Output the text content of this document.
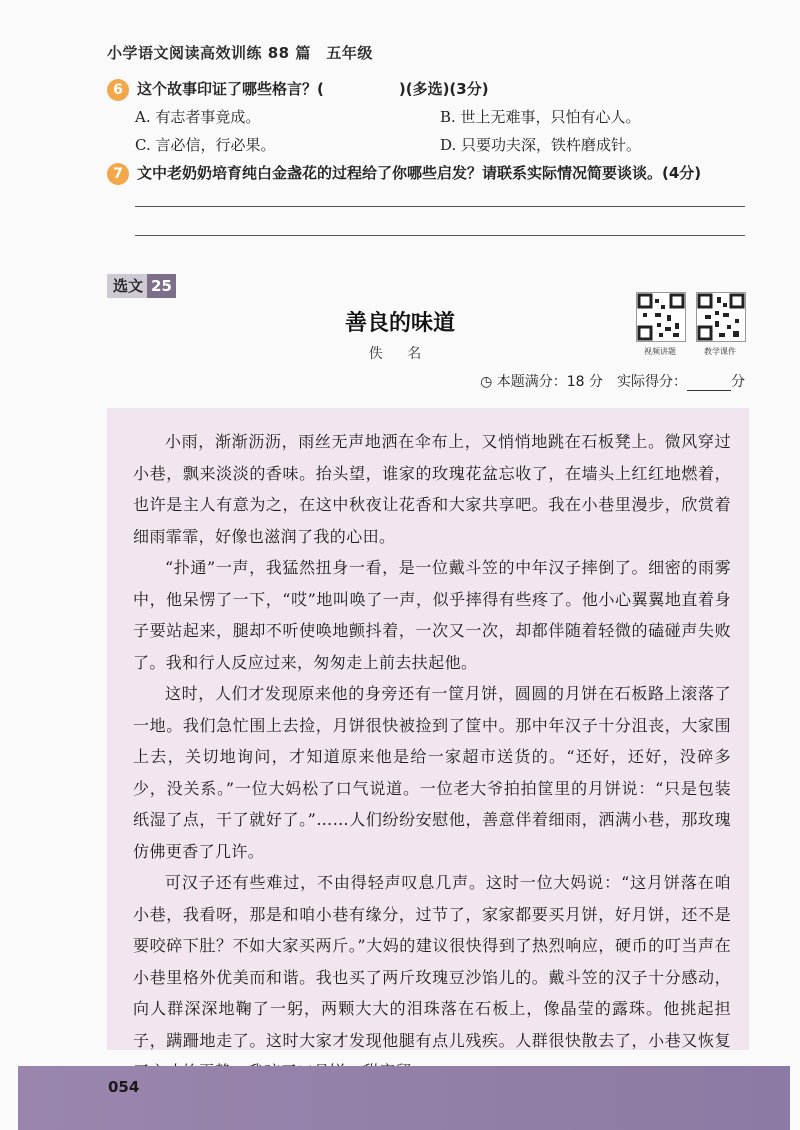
小学语文阅读高效训练 88 篇　五年级
6 这个故事印证了哪些格言？(　　　　　)(多选)(3分)
A. 有志者事竟成。	B. 世上无难事，只怕有心人。
C. 言必信，行必果。	D. 只要功夫深，铁杵磨成针。
7 文中老奶奶培育纯白金盏花的过程给了你哪些启发？请联系实际情况简要谈谈。(4分)
选文 25
视频讲题	教学课件
善良的味道
佚 名
◷ 本题满分：18 分　实际得分：	分

小雨，渐渐沥沥，雨丝无声地洒在伞布上，又悄悄地跳在石板凳上。微风穿过小巷，飘来淡淡的香味。抬头望，谁家的玫瑰花盆忘收了，在墙头上红红地燃着，也许是主人有意为之，在这中秋夜让花香和大家共享吧。我在小巷里漫步，欣赏着细雨霏霏，好像也滋润了我的心田。

“扑通”一声，我猛然扭身一看，是一位戴斗笠的中年汉子摔倒了。细密的雨雾中，他呆愣了一下，“哎”地叫唤了一声，似乎摔得有些疼了。他小心翼翼地直着身子要站起来，腿却不听使唤地颤抖着，一次又一次，却都伴随着轻微的磕碰声失败了。我和行人反应过来，匆匆走上前去扶起他。

这时，人们才发现原来他的身旁还有一筐月饼，圆圆的月饼在石板路上滚落了一地。我们急忙围上去捡，月饼很快被捡到了筐中。那中年汉子十分沮丧，大家围上去，关切地询问，才知道原来他是给一家超市送货的。“还好，还好，没碎多少，没关系。”一位大妈松了口气说道。一位老大爷拍拍筐里的月饼说：“只是包装纸湿了点，干了就好了。”……人们纷纷安慰他，善意伴着细雨，洒满小巷，那玫瑰仿佛更香了几许。

可汉子还有些难过，不由得轻声叹息几声。这时一位大妈说：“这月饼落在咱小巷，我看呀，那是和咱小巷有缘分，过节了，家家都要买月饼，好月饼，还不是要咬碎下肚？不如大家买两斤。”大妈的建议很快得到了热烈响应，硬币的叮当声在小巷里格外优美而和谐。我也买了两斤玫瑰豆沙馅儿的。戴斗笠的汉子十分感动，向人群深深地鞠了一躬，两颗大大的泪珠落在石板上，像晶莹的露珠。他挑起担子，蹒跚地走了。这时大家才发现他腿有点儿残疾。人群很快散去了，小巷又恢复

054
